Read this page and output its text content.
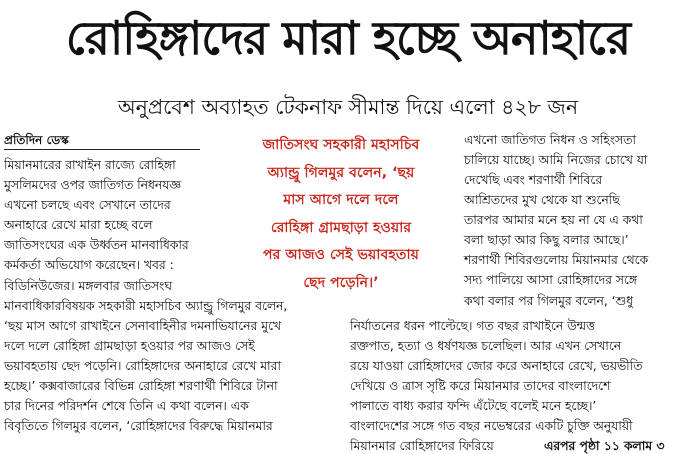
রোহিঙ্গাদের মারা হচ্ছে অনাহারে
অনুপ্রবেশ অব্যাহত টেকনাফ সীমান্ত দিয়ে এলো ৪২৮ জন
প্রতিদিন ডেস্ক
মিয়ানমারের রাখাইন রাজ্যে রোহিঙ্গা
মুসলিমদের ওপর জাতিগত নিধনযজ্ঞ
এখনো চলছে এবং সেখানে তাদের
অনাহারে রেখে মারা হচ্ছে বলে
জাতিসংঘের এক উর্ধ্বতন মানবাধিকার
কর্মকর্তা অভিযোগ করেছেন। খবর :
বিডিনিউজের। মঙ্গলবার জাতিসংঘ
জাতিসংঘ সহকারী মহাসচিব
অ্যান্ড্রু গিলমুর বলেন, ‘ছয়
মাস আগে দলে দলে
রোহিঙ্গা গ্রামছাড়া হওয়ার
পর আজও সেই ভয়াবহতায়
ছেদ পড়েনি।’
এখনো জাতিগত নিধন ও সহিংসতা
চালিয়ে যাচ্ছে। আমি নিজের চোখে যা
দেখেছি এবং শরণার্থী শিবিরে
আশ্রিতদের মুখ থেকে যা শুনেছি
তারপর আমার মনে হয় না যে এ কথা
বলা ছাড়া আর কিছু বলার আছে।’
শরণার্থী শিবিরগুলোয় মিয়ানমার থেকে
সদ্য পালিয়ে আসা রোহিঙ্গাদের সঙ্গে
কথা বলার পর গিলমুর বলেন, ‘শুধু
মানবাধিকারবিষয়ক সহকারী মহাসচিব অ্যান্ড্রু গিলমুর বলেন,
‘ছয় মাস আগে রাখাইনে সেনাবাহিনীর দমনাভিযানের মুখে
দলে দলে রোহিঙ্গা গ্রামছাড়া হওয়ার পর আজও সেই
ভয়াবহতায় ছেদ পড়েনি। রোহিঙ্গাদের অনাহারে রেখে মারা
হচ্ছে।’ কক্সবাজারের বিভিন্ন রোহিঙ্গা শরণার্থী শিবিরে টানা
চার দিনের পরিদর্শন শেষে তিনি এ কথা বলেন। এক
বিবৃতিতে গিলমুর বলেন, ‘রোহিঙ্গাদের বিরুদ্ধে মিয়ানমার
নির্যাতনের ধরন পাল্টেছে। গত বছর রাখাইনে উন্মত্ত
রক্তপাত, হত্যা ও ধর্ষণযজ্ঞ চলেছিল। আর এখন সেখানে
রয়ে যাওয়া রোহিঙ্গাদের জোর করে অনাহারে রেখে, ভয়ভীতি
দেখিয়ে ও ত্রাস সৃষ্টি করে মিয়ানমার তাদের বাংলাদেশে
পালাতে বাধ্য করার ফন্দি এঁটেছে বলেই মনে হচ্ছে।’
বাংলাদেশের সঙ্গে গত বছর নভেম্বরের একটি চুক্তি অনুযায়ী
মিয়ানমার রোহিঙ্গাদের ফিরিয়ে	এরপর পৃষ্ঠা ১১ কলাম ৩
